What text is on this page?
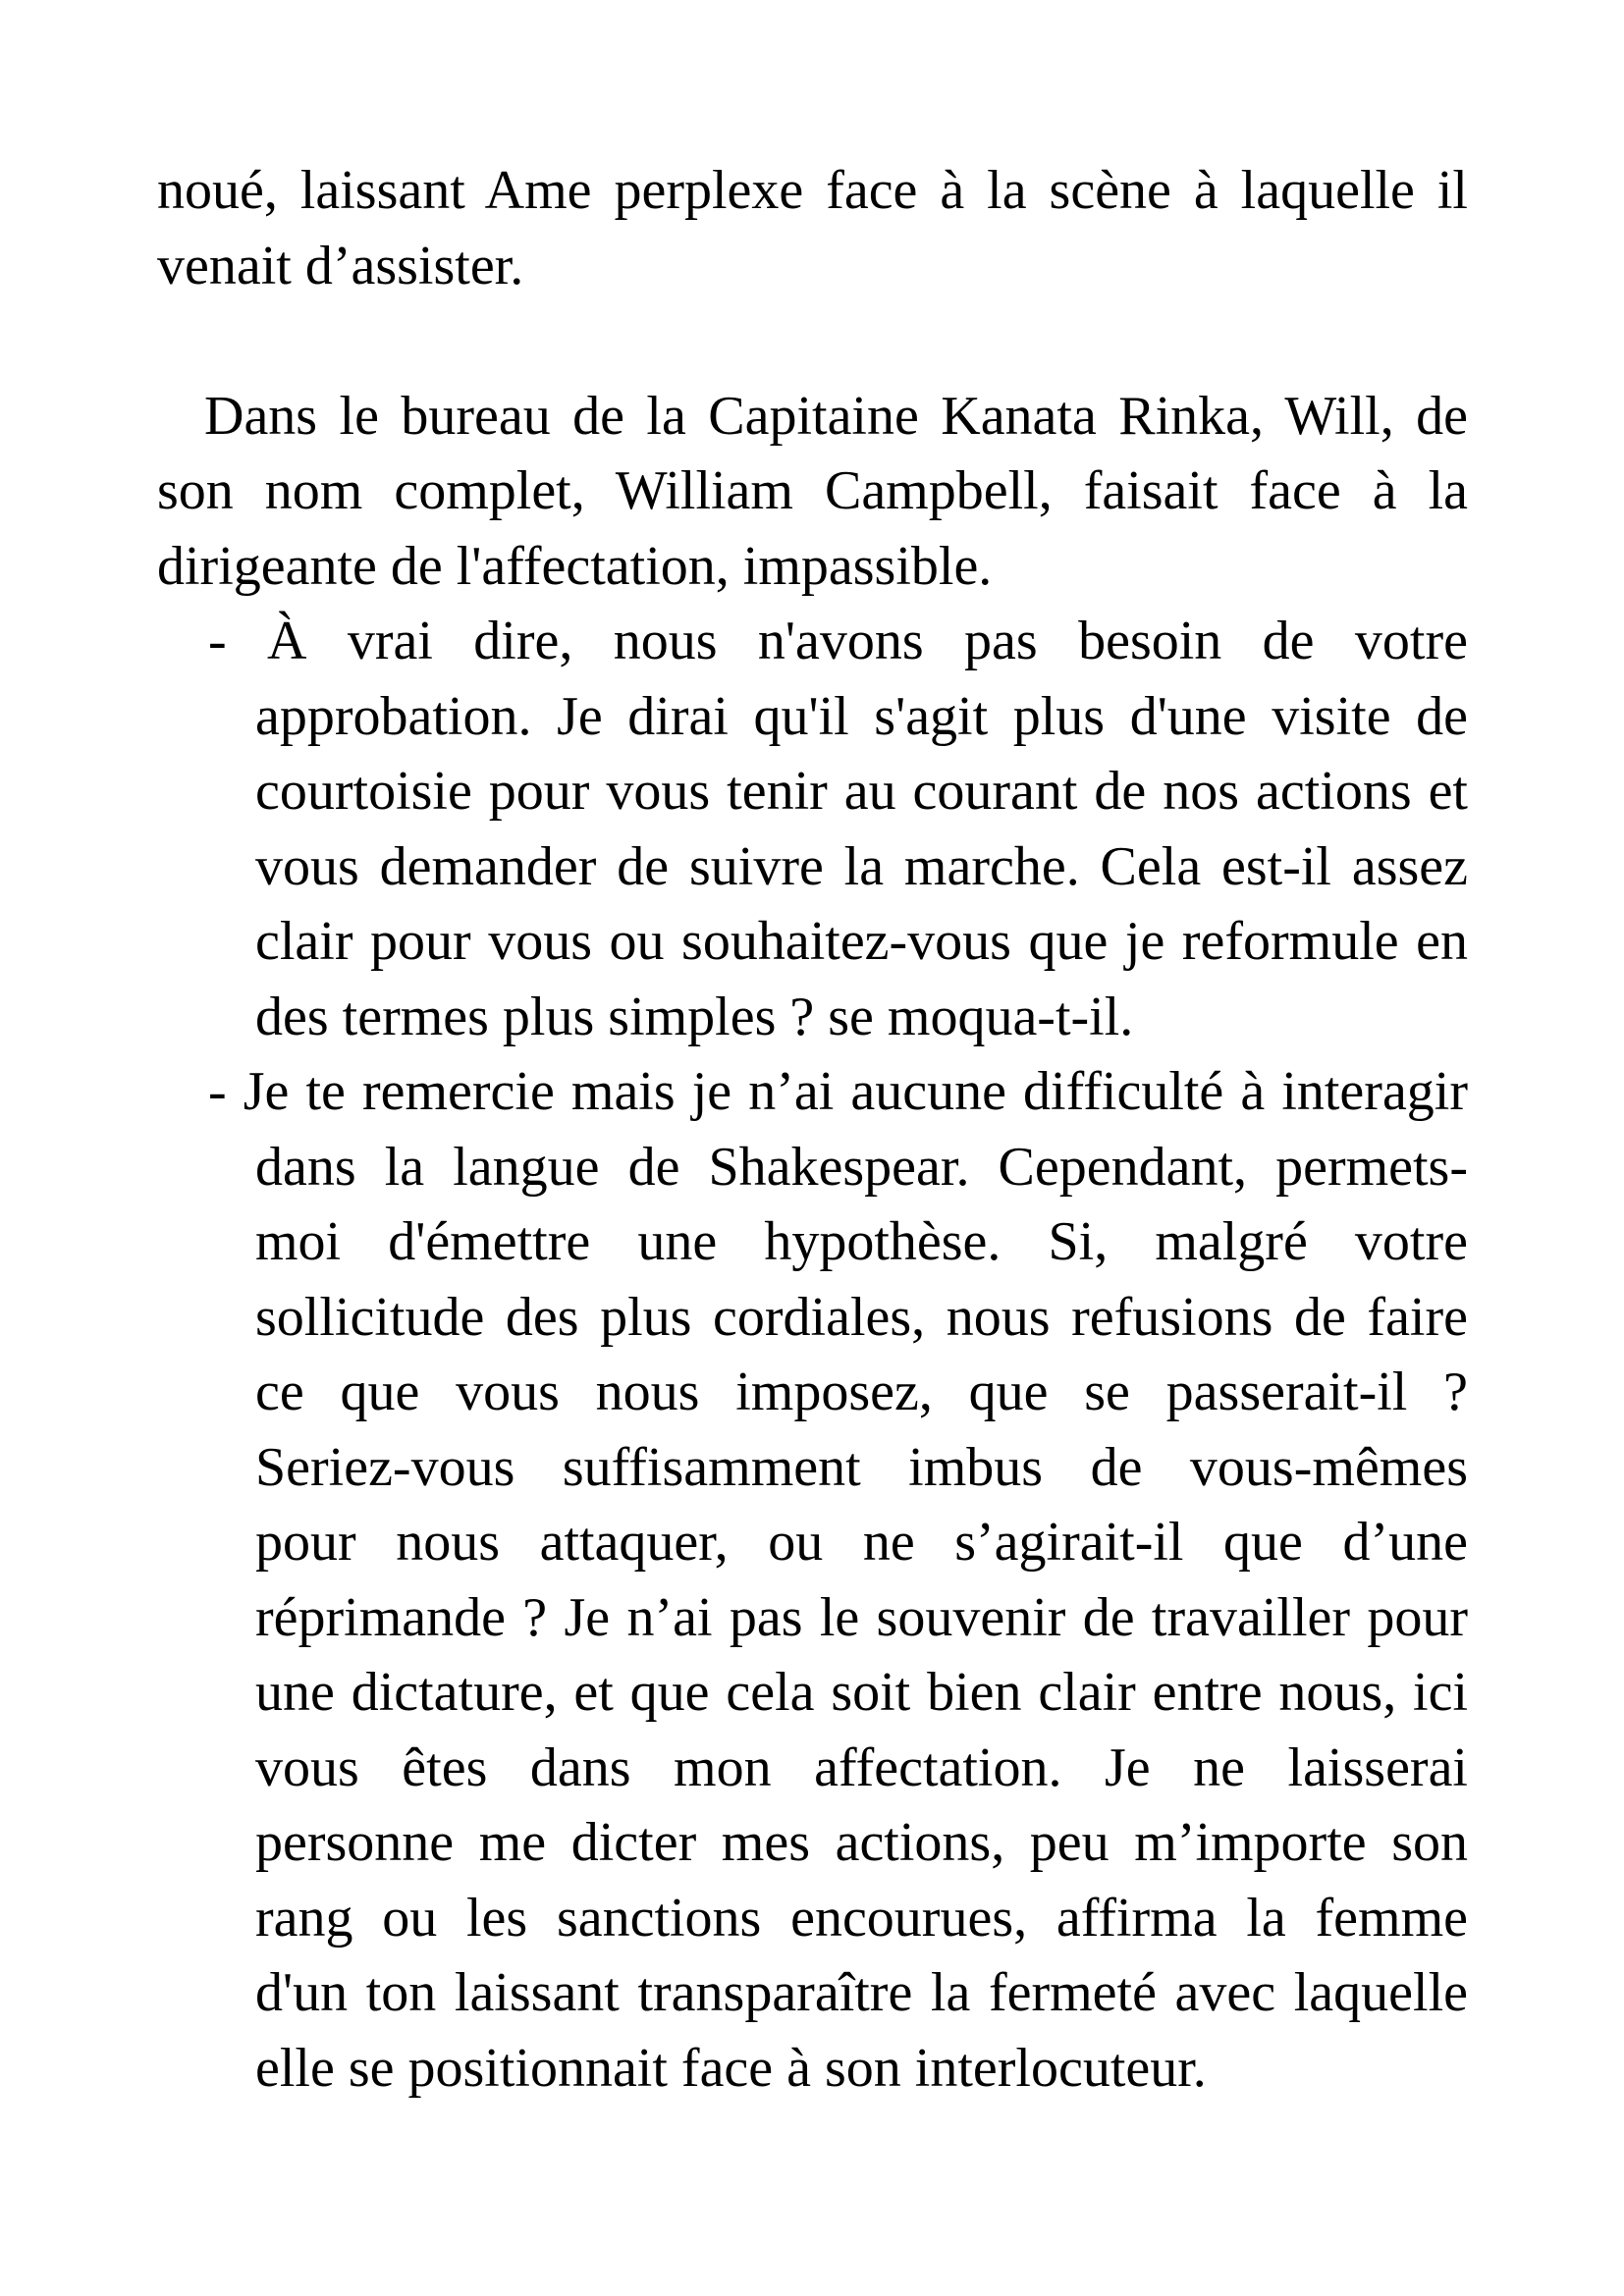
noué, laissant Ame perplexe face à la scène à laquelle il
venait d’assister.
Dans le bureau de la Capitaine Kanata Rinka, Will, de
son nom complet, William Campbell, faisait face à la
dirigeante de l'affectation, impassible.
- À vrai dire, nous n'avons pas besoin de votre
approbation. Je dirai qu'il s'agit plus d'une visite de
courtoisie pour vous tenir au courant de nos actions et
vous demander de suivre la marche. Cela est-il assez
clair pour vous ou souhaitez-vous que je reformule en
des termes plus simples ? se moqua-t-il.
- Je te remercie mais je n’ai aucune difficulté à interagir
dans la langue de Shakespear. Cependant, permets-
moi d'émettre une hypothèse. Si, malgré votre
sollicitude des plus cordiales, nous refusions de faire
ce que vous nous imposez, que se passerait-il ?
Seriez-vous suffisamment imbus de vous-mêmes
pour nous attaquer, ou ne s’agirait-il que d’une
réprimande ? Je n’ai pas le souvenir de travailler pour
une dictature, et que cela soit bien clair entre nous, ici
vous êtes dans mon affectation. Je ne laisserai
personne me dicter mes actions, peu m’importe son
rang ou les sanctions encourues, affirma la femme
d'un ton laissant transparaître la fermeté avec laquelle
elle se positionnait face à son interlocuteur.
